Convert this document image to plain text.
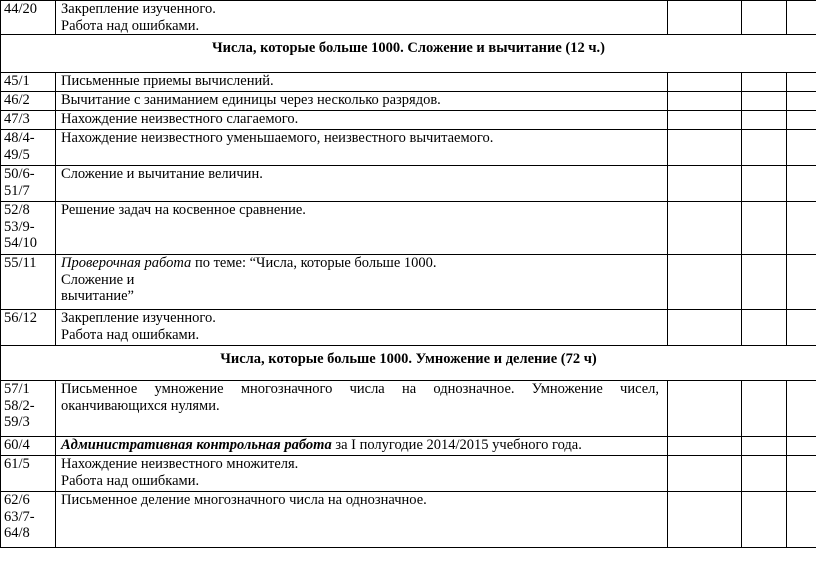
44/20	Закрепление изученного.
Работа над ошибками.			

Числа, которые больше 1000. Сложение и вычитание (12 ч.)				

45/1	Письменные приемы вычислений.			

46/2	Вычитание с заниманием единицы через несколько разрядов.			

47/3	Нахождение неизвестного слагаемого.			

48/4-
49/5	Нахождение неизвестного уменьшаемого, неизвестного вычитаемого.			

50/6-
51/7	Сложение и вычитание величин.			

52/8
53/9-
54/10	Решение задач на косвенное сравнение.			

55/11	Проверочная работа по теме: “Числа, которые больше 1000.
Сложение и
вычитание”			

56/12	Закрепление изученного.
Работа над ошибками.			

Числа, которые больше 1000. Умножение и деление (72 ч)				

57/1
58/2-
59/3	Письменное умножение многозначного числа на однозначное. Умножение чисел, оканчивающихся нулями.			

60/4	Административная контрольная работа за I полугодие 2014/2015 учебного года.			

61/5	Нахождение неизвестного множителя.
Работа над ошибками.			

62/6
63/7-
64/8	Письменное деление многозначного числа на однозначное.			
